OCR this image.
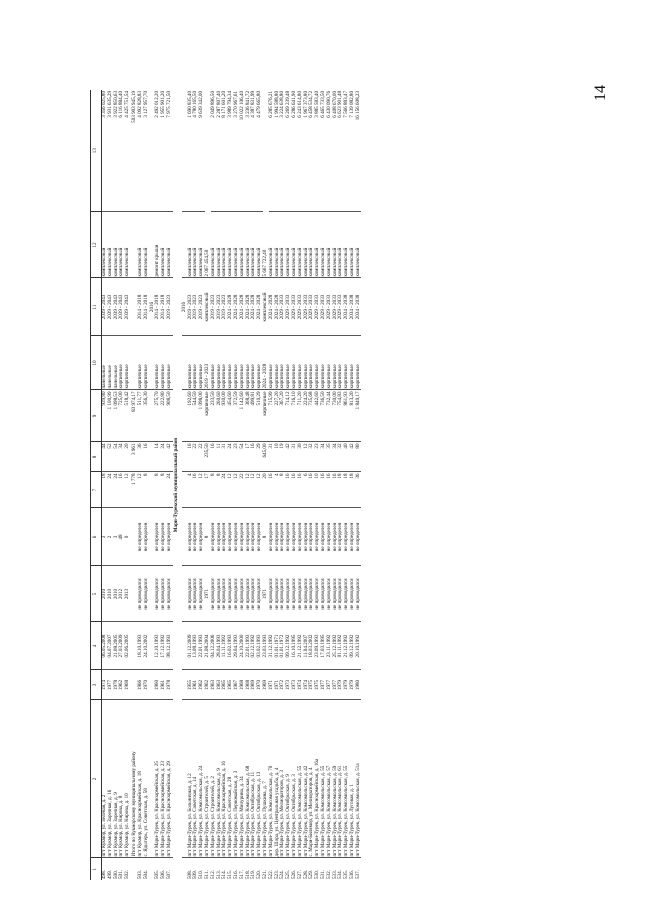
14
1	2	3	4	5	6	7	8	9	10	11	12	13
498.	пгт Кукмор, ул. Зеленая, д. 2	1974	06.05.2008	2010	3	18	44	939,80	панельные	2039 - 2043	комплексный	3 356 025,80
499.	пгт Кукмор, ул. Заречная, д. 16	1977	04.07.2007	2010	2	24	52	1 100,99	панельные	2039 - 2043	комплексный	3 931 635,29
500.	пгт Кукмор, ул. Заречная, д. 9	1978	21.08.2005	2010	3	24	54	1 098,53	панельные	2039 - 2043	комплексный	3 922 850,63
501.	пгт Кукмор, ул. Кирова, д. 8	1962	27.03.2009	2012	48	16	34	725,00	кирпичные	2039 - 2043	комплексный	6 116 884,40
502.	пгт Кукмор, ул. Кирова, д. 10	1968	02.06.2005	2013	0	12	20	518,42	кирпичные	2039 - 2043	комплексный	4 425 751,54
	Итого по Кукморскому муниципальному району					1 778	3 961	83 974,17				503 903 945,19
503.	пгт Кукмор, ул. Красноармейская, д. 18	1966	18.10.1993	не проводился	не определен	12	36	511,77	кирпичные	2014 - 2018	комплексный	4 092 828,83
504.	с. Ядыгерь, ул. Советская, д. 58	1970	24.10.2002	не проводился	не определен	8	16	356,30	кирпичные	2014 - 2018	комплексный	3 127 957,70
										2016		
505.	пгт Мари-Турек, ул. Красноармейская, д. 25	1960	12.10.1993	не проводился	не определен	8	14	275,70	кирпичные	2014 - 2018	ремонт крыши	2 492 012,20
506.	пгт Мари-Турек, ул. Красноармейская, д. 23	1961	17.12.1992	не проводился	не определен	8	24	222,80	кирпичные	2014 - 2018	комплексный	1 955 901,20
507.	пгт Мари-Турек, ул. Красноармейская, д. 29	1978	08.12.1993	не проводился	не определен	24	42	908,50	кирпичные	2019 - 2023	комплексный	7 975 721,50
Мари-Турекский муниципальный район												
										2016		
508.	пгт Мари-Турек, ул. Больничная, д. 12	1955	01.12.2009	не проводился	не определен	4	16	192,60	кирпичные	2019 - 2023	комплексный	1 690 835,40
509.	пгт Мари-Турек, ул. Советская, д. 14	1961	13.08.1993	не проводился	не определен	16	22	544,50	кирпичные	2019 - 2023	комплексный	4 780 165,50
510.	пгт Мари-Турек, ул. Комсомольская, д. 24	1962	22.01.1993	не проводился	не определен	12	22	1 098,00	кирпичные	2019 - 2023	комплексный	9 639 342,00
511.	пгт Мари-Турек, ул. Строителей, д. 5	1962	21.08.2004	1971	8	17	235,50	кирпичные	2019 - 2023	комплексный	2 067 454,50	
512.	пгт Мари-Турек, ул. Строителей, д. 2	1963	04.12.2006	не проводился	не определен	8	16	233,50	кирпичные	2019 - 2023	комплексный	2 049 896,50
513.	пгт Мари-Турек, ул. Комсомольская, д. 9	1963	28.04.1993	не проводился	не определен	8	11	260,60	кирпичные	2019 - 2023	комплексный	2 287 807,40
514.	пгт Мари-Турек, ул. Красноармейская, д. 16	1965	11.11.1992	не проводился	не определен	24	31	930,00	кирпичные	2019 - 2023	комплексный	8 171 601,20
515.	пгт Мари-Турек, ул. Советская, д. 28	1965	16.02.1993	не проводился	не определен	12	24	454,60	кирпичные	2024 - 2028	комплексный	3 989 794,34
516.	пгт Мари-Турек, ул. Первомайская, д. 3	1967	29.04.1993	не проводился	не определен	12	23	372,59	кирпичные	2024 - 2028	комплексный	3 270 967,61
517.	пгт Мари-Турек, ул. Мичурина, д. 34	1968	24.10.2000	не проводился	не определен	22	54	1 142,60	кирпичные	2024 - 2028	комплексный	10 022 106,40
518.	пгт Мари-Турек, ул. Комсомольская, д. 68	1968	22.01.1993	не проводился	не определен	12	17	368,48	кирпичные	2024 - 2028	комплексный	3 236 841,72
519.	пгт Мари-Турек, ул. Октябрьская, д. 11	1969	02.12.1992	не проводился	не определен	12	16	499,81	кирпичные	2024 - 2028	комплексный	4 387 831,99
520.	пгт Мари-Турек, ул. Октябрьская, д. 13	1970	03.02.1993	не проводился	не определен	12	29	510,29	кирпичные	2024 - 2028	комплексный	4 479 665,80
521.	пгт Мари-Турек, ул. Пушкина, д. 7	1969	23.03.1993	1971	8	20	645,00	кирпичные	2024 - 2028	комплексный	5 667 722,40	
522.	пгт Мари-Турек, ул. Комсомольская, д. 70	1971	31.12.1992	не проводился	не определен	16	31	715,99	кирпичные	2024 - 2028	комплексный	6 285 676,21
523.	дер. Шора, ул. Центральная усадьба, д. 4	1971	01.01.1971	не проводился	не определен	4	10	227,20	кирпичные	2024 - 2028	комплексный	1 994 588,80
524.	пгт Мари-Турек, ул. Мелиораторов, д. 3	1972	01.01.1972	не проводился	не определен	8	19	367,20	кирпичные	2029 - 2033	комплексный	3 224 638,80
525.	пгт Мари-Турек, ул. Октябрьская, д. 9	1973	09.12.1992	не проводился	не определен	16	42	714,12	кирпичные	2029 - 2033	комплексный	6 269 239,48
526.	пгт Мари-Турек, ул. Октябрьская, д. 3	1973	16.10.1995	не проводился	не определен	16	31	716,10	кирпичные	2029 - 2033	комплексный	6 286 641,90
527.	пгт Мари-Турек, ул. Комсомольская, д. 55	1974	21.12.1992	не проводился	не определен	16	30	711,20	кирпичные	2029 - 2033	комплексный	6 243 614,80
528.	пгт Мари-Турек, ул. Комсомольская, д. 42	1974	11.04.2007	не проводился	не определен	6	12	224,20	кирпичные	2029 - 2033	комплексный	1 967 373,80
529.	с. Мари-Билямор, ул. Мелиораторов, д. 4	1975	18.03.2002	не проводился	не определен	16	32	735,68	кирпичные	2029 - 2033	комплексный	6 458 534,72
530.	пгт Мари-Турек, ул. Красноармейская, д. 16а	1975	23.09.1993	не проводился	не определен	10	23	442,60	кирпичные	2029 - 2033	комплексный	3 885 583,40
531.	пгт Мари-Турек, ул. Комсомольская, д. 55	1977	17.03.1995	не проводился	не определен	16	34	736,50	кирпичные	2029 - 2033	комплексный	6 465 733,50
532.	пгт Мари-Турек, ул. Комсомольская, д. 57	1977	23.11.1992	не проводился	не определен	16	35	732,44	кирпичные	2029 - 2033	комплексный	6 430 090,76
533.	пгт Мари-Турек, ул. Комсомольская, д. 59	1977	25.12.1992	не проводился	не определен	16	34	730,00	кирпичные	2029 - 2033	комплексный	6 408 670,00
534.	пгт Мари-Турек, ул. Комсомольская, д. 61	1979	01.11.1992	не проводился	не определен	18	32	754,83	кирпичные	2029 - 2033	комплексный	6 623 901,48
535.	пгт Мари-Турек, ул. Комсомольская, д. 55	1979	21.12.1992	не проводился	не определен	18	40	861,93	кирпичные	2034 - 2038	комплексный	7 566 883,47
536.	пгт Мари-Турек, ул. Луговая, д. 1	1979	09.12.1992	не проводился	не определен	18	42	813,20	кирпичные	2034 - 2038	комплексный	7 139 082,80
537.	пгт Мари-Турек, ул. Комсомольская, д. 51а	1980	20.10.1992	не проводился	не определен	36	80	1 840,17	кирпичные	2034 - 2038	комплексный	16 156 608,23
